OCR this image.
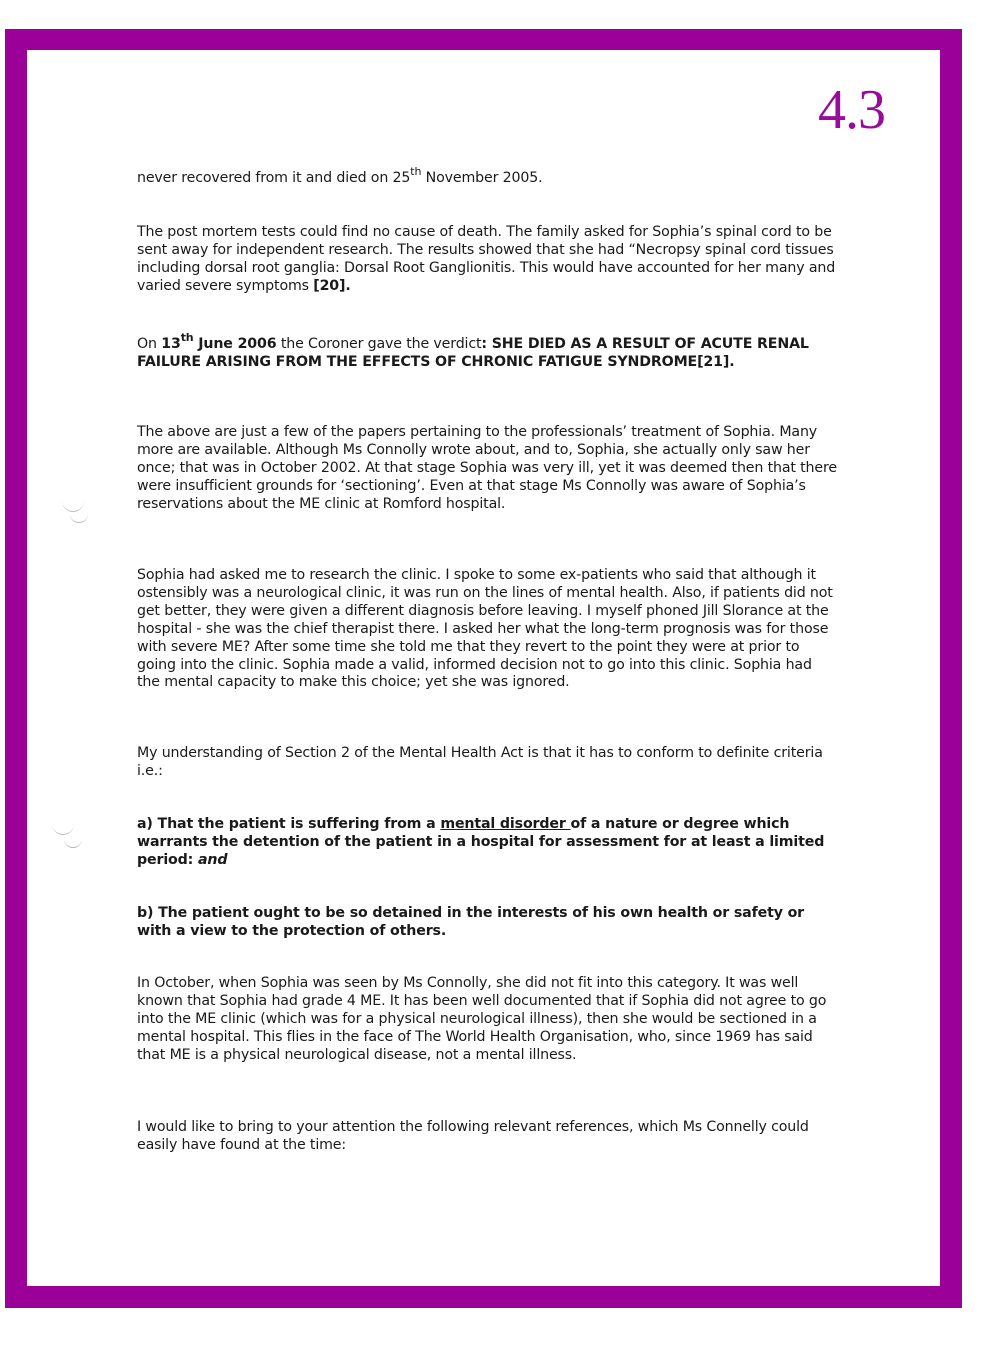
4.3
never recovered from it and died on 25th November 2005.
The post mortem tests could find no cause of death. The family asked for Sophia’s spinal cord to be sent away for independent research. The results showed that she had “Necropsy spinal cord tissues including dorsal root ganglia: Dorsal Root Ganglionitis. This would have accounted for her many and varied severe symptoms [20].
On 13th June 2006 the Coroner gave the verdict: SHE DIED AS A RESULT OF ACUTE RENAL FAILURE ARISING FROM THE EFFECTS OF CHRONIC FATIGUE SYNDROME[21].
The above are just a few of the papers pertaining to the professionals’ treatment of Sophia. Many more are available. Although Ms Connolly wrote about, and to, Sophia, she actually only saw her once; that was in October 2002. At that stage Sophia was very ill, yet it was deemed then that there were insufficient grounds for ‘sectioning’. Even at that stage Ms Connolly was aware of Sophia’s reservations about the ME clinic at Romford hospital.
Sophia had asked me to research the clinic. I spoke to some ex-patients who said that although it ostensibly was a neurological clinic, it was run on the lines of mental health. Also, if patients did not get better, they were given a different diagnosis before leaving. I myself phoned Jill Slorance at the hospital - she was the chief therapist there. I asked her what the long-term prognosis was for those with severe ME? After some time she told me that they revert to the point they were at prior to going into the clinic. Sophia made a valid, informed decision not to go into this clinic. Sophia had the mental capacity to make this choice; yet she was ignored.
My understanding of Section 2 of the Mental Health Act is that it has to conform to definite criteria i.e.:
a) That the patient is suffering from a mental disorder of a nature or degree which warrants the detention of the patient in a hospital for assessment for at least a limited period: and
b) The patient ought to be so detained in the interests of his own health or safety or with a view to the protection of others.
In October, when Sophia was seen by Ms Connolly, she did not fit into this category. It was well known that Sophia had grade 4 ME. It has been well documented that if Sophia did not agree to go into the ME clinic (which was for a physical neurological illness), then she would be sectioned in a mental hospital. This flies in the face of The World Health Organisation, who, since 1969 has said that ME is a physical neurological disease, not a mental illness.
I would like to bring to your attention the following relevant references, which Ms Connelly could easily have found at the time:
